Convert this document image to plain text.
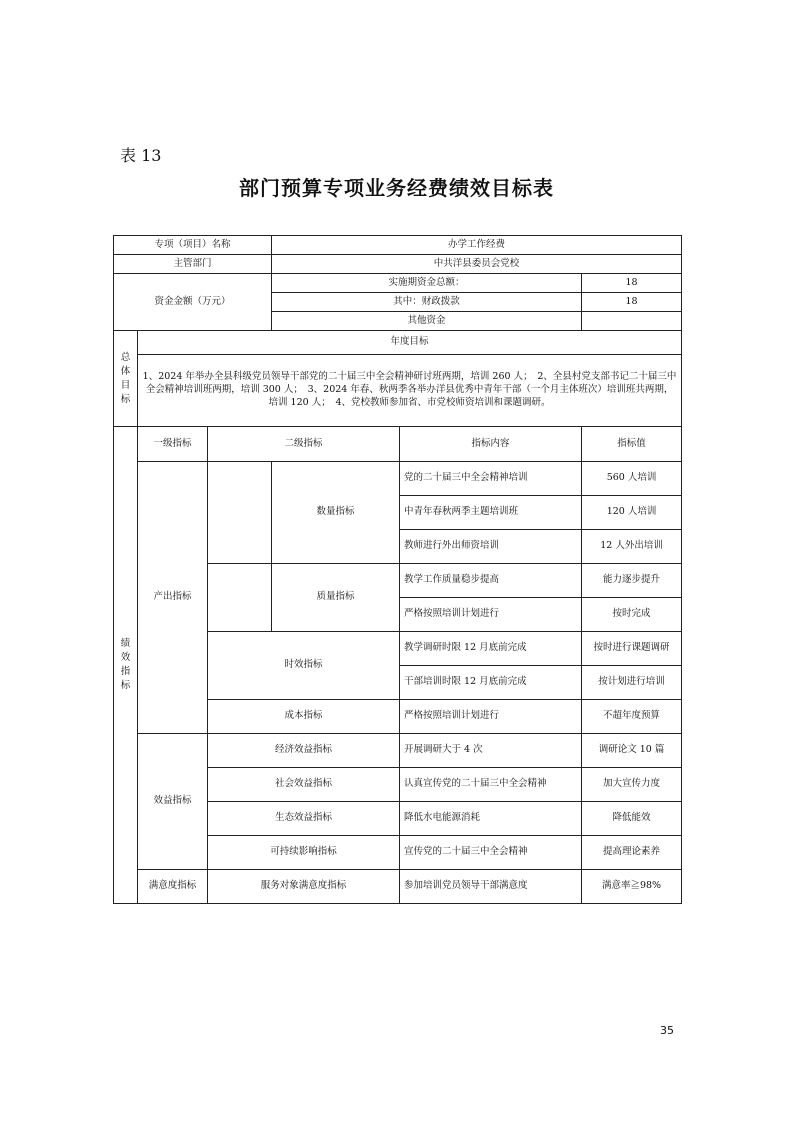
表 13
部门预算专项业务经费绩效目标表
专项（项目）名称			办学工作经费		
主管部门			中共洋县委员会党校		
资金金额（万元）			实施期资金总额：		18
			其中：财政拨款		18
			其他资金		
总体目标	年度目标				
	1、2024 年举办全县科级党员领导干部党的二十届三中全会精神研讨班两期，培训 260 人；　2、全县村党支部书记二十届三中全会精神培训班两期，培训 300 人；　3、2024 年春、秋两季各举办洋县优秀中青年干部（一个月主体班次）培训班共两期，培训 120 人；　4、党校教师参加省、市党校师资培训和课题调研。				
绩效指标	一级指标	二级指标		指标内容	指标值
	产出指标		数量指标	党的二十届三中全会精神培训	560 人培训
				中青年春秋两季主题培训班	120 人培训
				教师进行外出师资培训	12 人外出培训
			质量指标	教学工作质量稳步提高	能力逐步提升
				严格按照培训计划进行	按时完成
		时效指标		教学调研时限 12 月底前完成	按时进行课题调研
				干部培训时限 12 月底前完成	按计划进行培训
		成本指标		严格按照培训计划进行	不超年度预算
	效益指标	经济效益指标		开展调研大于 4 次	调研论文 10 篇
		社会效益指标		认真宣传党的二十届三中全会精神	加大宣传力度
		生态效益指标		降低水电能源消耗	降低能效
		可持续影响指标		宣传党的二十届三中全会精神	提高理论素养
	满意度指标	服务对象满意度指标		参加培训党员领导干部满意度	满意率≧98%
35
